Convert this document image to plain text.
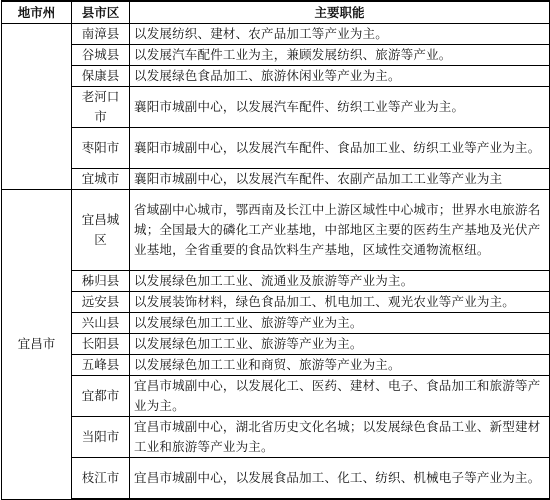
地市州	县市区	主要职能
	南漳县	以发展纺织、建材、农产品加工等产业为主。
	谷城县	以发展汽车配件工业为主，兼顾发展纺织、旅游等产业。
	保康县	以发展绿色食品加工、旅游休闲业等产业为主。
	老河口市	襄阳市城副中心，以发展汽车配件、纺织工业等产业为主。
	枣阳市	襄阳市城副中心，以发展汽车配件、食品加工业、纺织工业等产业为主。
	宜城市	襄阳市城副中心，以发展汽车配件、农副产品加工工业等产业为主
宜昌市	宜昌城区	省域副中心城市，鄂西南及长江中上游区域性中心城市；世界水电旅游名城；全国最大的磷化工产业基地，中部地区主要的医药生产基地及光伏产业基地，全省重要的食品饮料生产基地，区域性交通物流枢纽。
	秭归县	以发展绿色加工工业、流通业及旅游等产业为主。
	远安县	以发展装饰材料，绿色食品加工、机电加工、观光农业等产业为主。
	兴山县	以发展绿色加工工业、旅游等产业为主。
	长阳县	以发展绿色加工工业、旅游等产业为主。
	五峰县	以发展绿色加工工业和商贸、旅游等产业为主。
	宜都市	宜昌市城副中心，以发展化工、医药、建材、电子、食品加工和旅游等产业为主。
	当阳市	宜昌市城副中心，湖北省历史文化名城；以发展绿色食品工业、新型建材工业和旅游等产业为主。
	枝江市	宜昌市城副中心，以发展食品加工、化工、纺织、机械电子等产业为主。
